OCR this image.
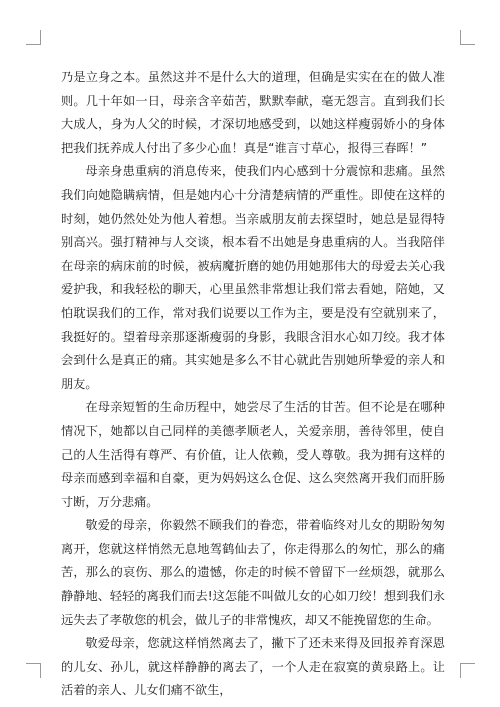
乃是立身之本。虽然这并不是什么大的道理，但确是实实在在的做人准则。几十年如一日，母亲含辛茹苦，默默奉献，毫无怨言。直到我们长大成人，身为人父的时候，才深切地感受到，以她这样瘦弱娇小的身体把我们抚养成人付出了多少心血！真是“谁言寸草心，报得三春晖！”

母亲身患重病的消息传来，使我们内心感到十分震惊和悲痛。虽然我们向她隐瞒病情，但是她内心十分清楚病情的严重性。即使在这样的时刻，她仍然处处为他人着想。当亲戚朋友前去探望时，她总是显得特别高兴。强打精神与人交谈，根本看不出她是身患重病的人。当我陪伴在母亲的病床前的时候，被病魔折磨的她仍用她那伟大的母爱去关心我爱护我，和我轻松的聊天，心里虽然非常想让我们常去看她，陪她，又怕耽误我们的工作，常对我们说要以工作为主，要是没有空就别来了，我挺好的。望着母亲那逐渐瘦弱的身影，我眼含泪水心如刀绞。我才体会到什么是真正的痛。其实她是多么不甘心就此告别她所挚爱的亲人和朋友。

在母亲短暂的生命历程中，她尝尽了生活的甘苦。但不论是在哪种情况下，她都以自己同样的美德孝顺老人，关爱亲朋，善待邻里，使自己的人生活得有尊严、有价值，让人依赖，受人尊敬。我为拥有这样的母亲而感到幸福和自豪，更为妈妈这么仓促、这么突然离开我们而肝肠寸断，万分悲痛。

敬爱的母亲，你毅然不顾我们的眷恋，带着临终对儿女的期盼匆匆离开，您就这样悄然无息地驾鹤仙去了，你走得那么的匆忙，那么的痛苦，那么的哀伤、那么的遗憾，你走的时候不曾留下一丝烦怨，就那么静静地、轻轻的离我们而去!这怎能不叫做儿女的心如刀绞！想到我们永远失去了孝敬您的机会，做儿子的非常愧疚，却又不能挽留您的生命。

敬爱母亲，您就这样悄然离去了，撇下了还未来得及回报养育深恩的儿女、孙儿，就这样静静的离去了，一个人走在寂寞的黄泉路上。让活着的亲人、儿女们痛不欲生，
